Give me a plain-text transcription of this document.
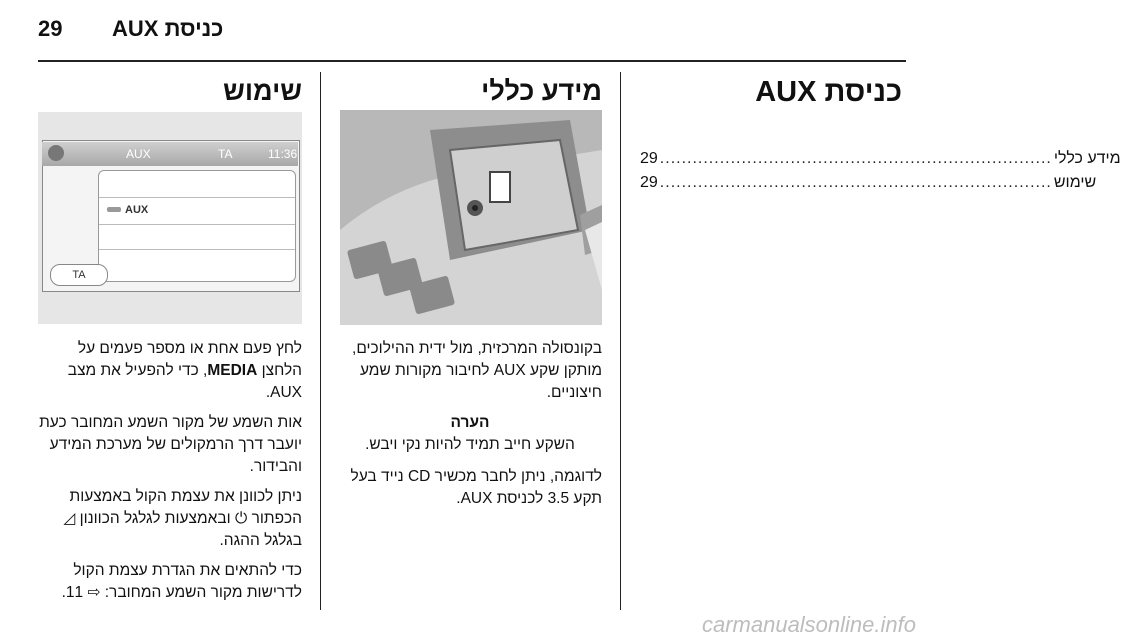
29 כניסת AUX
כניסת AUX
29 ........................................................................ מידע כללי
29 ........................................................................ שימוש
מידע כללי

בקונסולה המרכזית, מול ידית ההילוכים, מותקן שקע AUX לחיבור מקורות שמע חיצוניים.

הערה

השקע חייב תמיד להיות נקי ויבש.

לדוגמה, ניתן לחבר מכשיר CD נייד בעל תקע 3.5 לכניסת AUX.

שימוש
AUX	TA	11:36
AUX
TA

לחץ פעם אחת או מספר פעמים על הלחצן MEDIA, כדי להפעיל את מצב AUX.

אות השמע של מקור השמע המחובר כעת יועבר דרך הרמקולים של מערכת המידע והבידור.

ניתן לכוונן את עצמת הקול באמצעות הכפתור ⏻ ובאמצעות לגלגל הכוונון ◿ בגלגל ההגה.

כדי להתאים את הגדרת עצמת הקול לדרישות מקור השמע המחובר: ⇨ 11.

carmanualsonline.info
